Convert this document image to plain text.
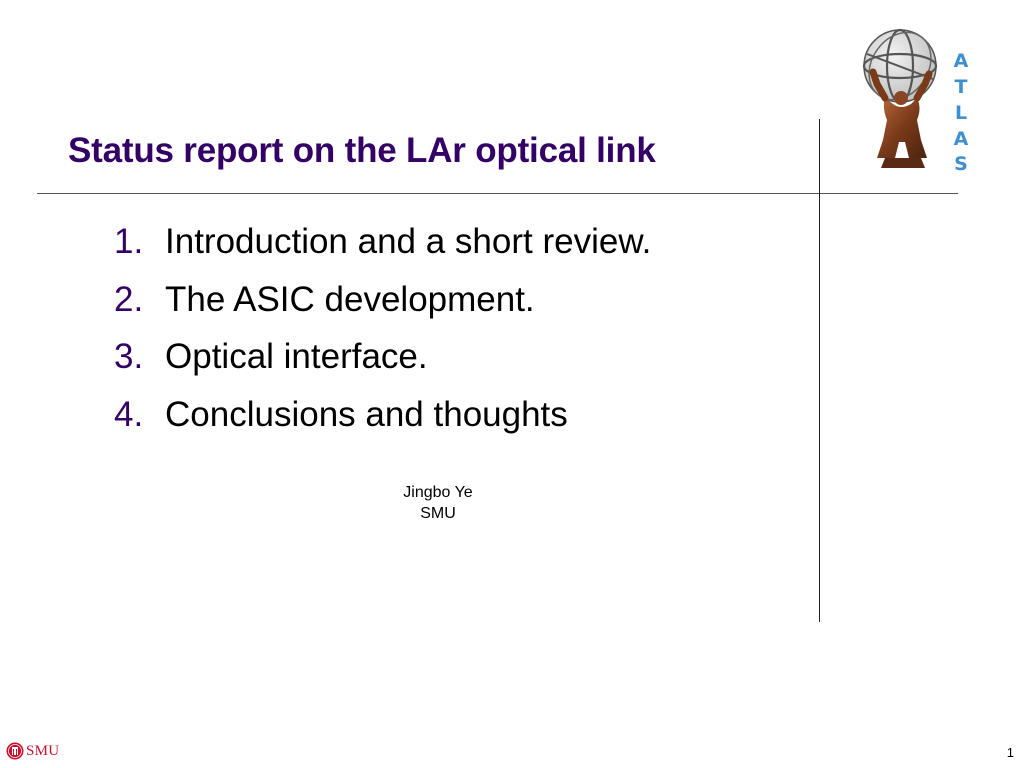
Status report on the LAr optical link
A
T
L
A
S
1. Introduction and a short review.
2. The ASIC development.
3. Optical interface.
4. Conclusions and thoughts
Jingbo Ye
SMU
SMU	1
